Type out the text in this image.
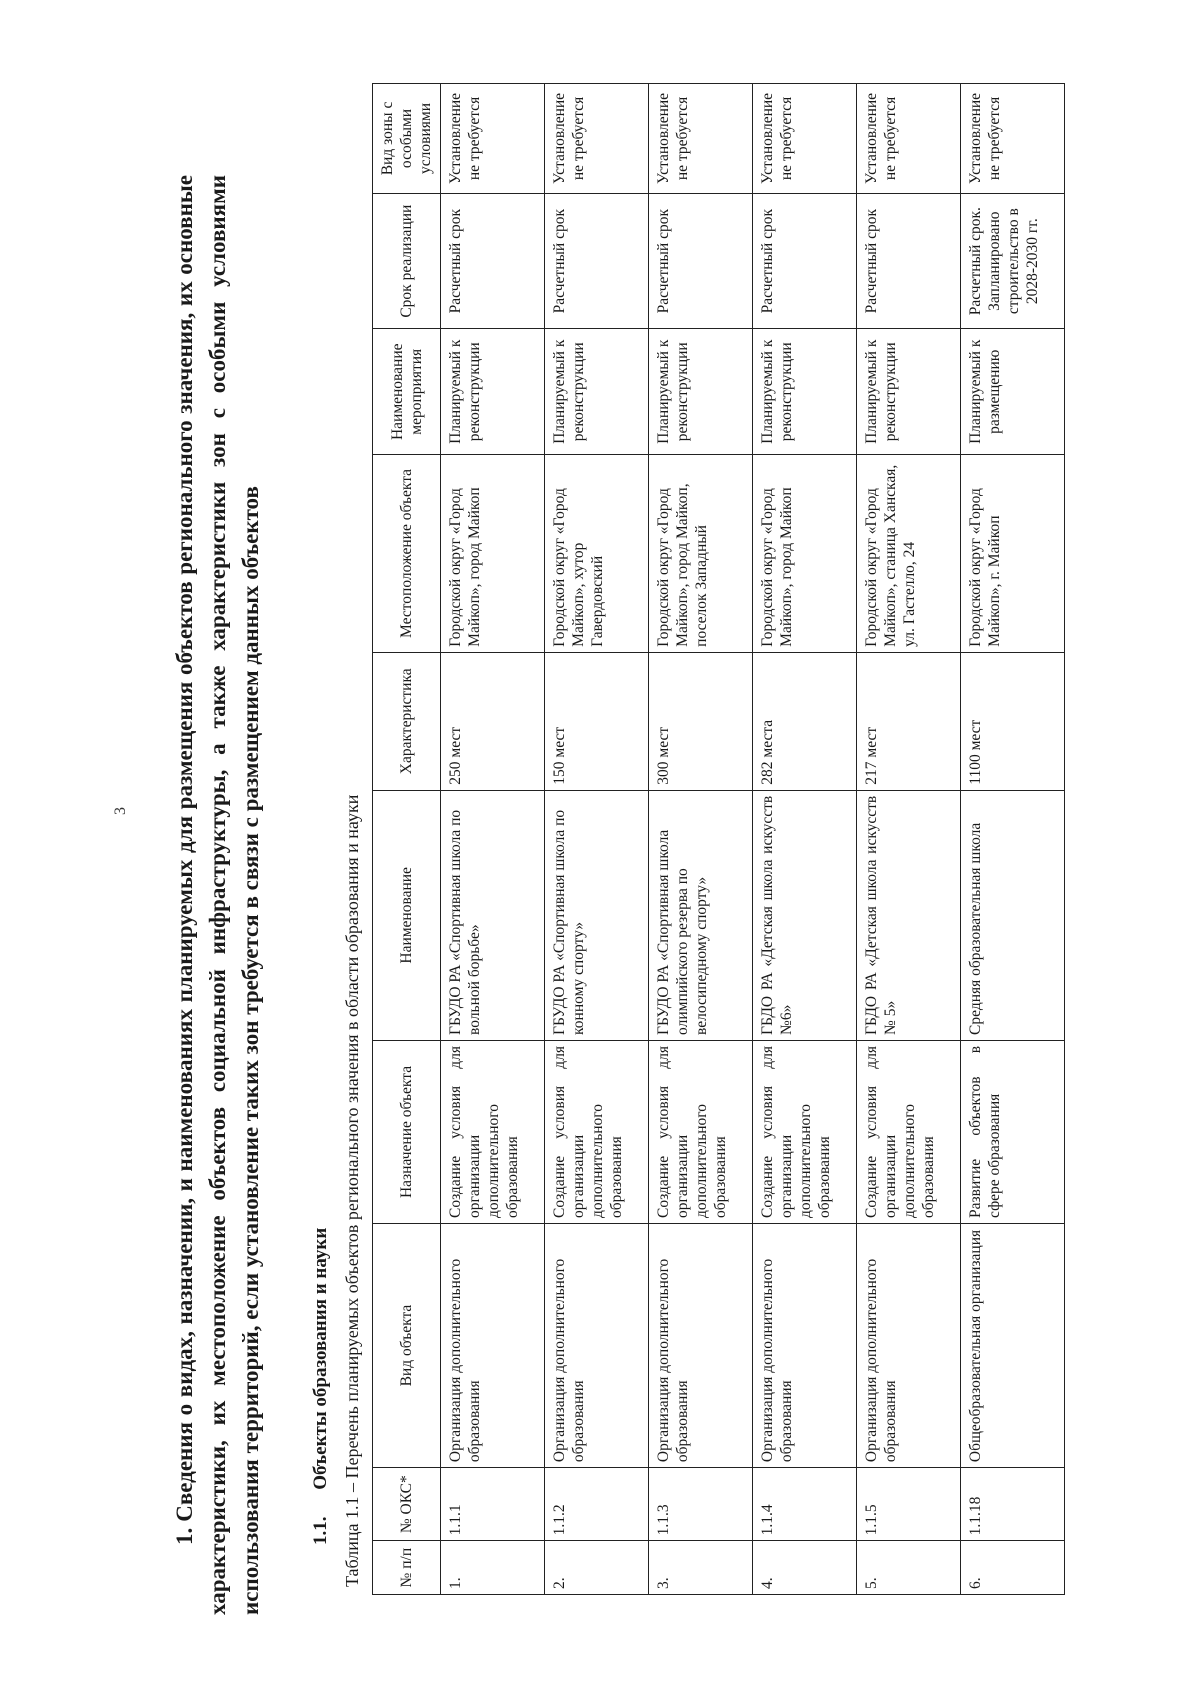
3
1.Сведения о видах, назначении, и наименованиях планируемых для размещения объектов регионального значения, их основные характеристики, их местоположение объектов социальной инфраструктуры, а также характеристики зон с особыми условиями использования территорий, если установление таких зон требуется в связи с размещением данных объектов 1.1. Объекты образования и науки Таблица 1.1 – Перечень планируемых объектов регионального значения в области образования и науки № п/п	№ ОКС*	Вид объекта	Назначение объекта	Наименование	Характеристика	Местоположение объекта	Наименование мероприятия	Срок реализации	Вид зоны с особыми условиями
1.	1.1.1	Организация дополнительного образования	Создание условия для организации дополнительного образования	ГБУДО РА «Спортивная школа по вольной борьбе»	250 мест	Городской округ «Город Майкоп», город Майкоп	Планируемый к реконструкции	Расчетный срок	Установление не требуется
2.	1.1.2	Организация дополнительного образования	Создание условия для организации дополнительного образования	ГБУДО РА «Спортивная школа по конному спорту»	150 мест	Городской округ «Город Майкоп», хутор Гавердовский	Планируемый к реконструкции	Расчетный срок	Установление не требуется
3.	1.1.3	Организация дополнительного образования	Создание условия для организации дополнительного образования	ГБУДО РА «Спортивная школа олимпийского резерва по велосипедному спорту»	300 мест	Городской округ «Город Майкоп», город Майкоп, поселок Западный	Планируемый к реконструкции	Расчетный срок	Установление не требуется
4.	1.1.4	Организация дополнительного образования	Создание условия для организации дополнительного образования	ГБДО РА «Детская школа искусств №6»	282 места	Городской округ «Город Майкоп», город Майкоп	Планируемый к реконструкции	Расчетный срок	Установление не требуется
5.	1.1.5	Организация дополнительного образования	Создание условия для организации дополнительного образования	ГБДО РА «Детская школа искусств № 5»	217 мест	Городской округ «Город Майкоп», станица Ханская, ул. Гастелло, 24	Планируемый к реконструкции	Расчетный срок	Установление не требуется
6.	1.1.18	Общеобразовательная организация	Развитие объектов в сфере образования	Средняя образовательная школа	1100 мест	Городской округ «Город Майкоп», г. Майкоп	Планируемый к размещению	Расчетный срок. Запланировано строительство в 2028-2030 гг.	Установление не требуется
